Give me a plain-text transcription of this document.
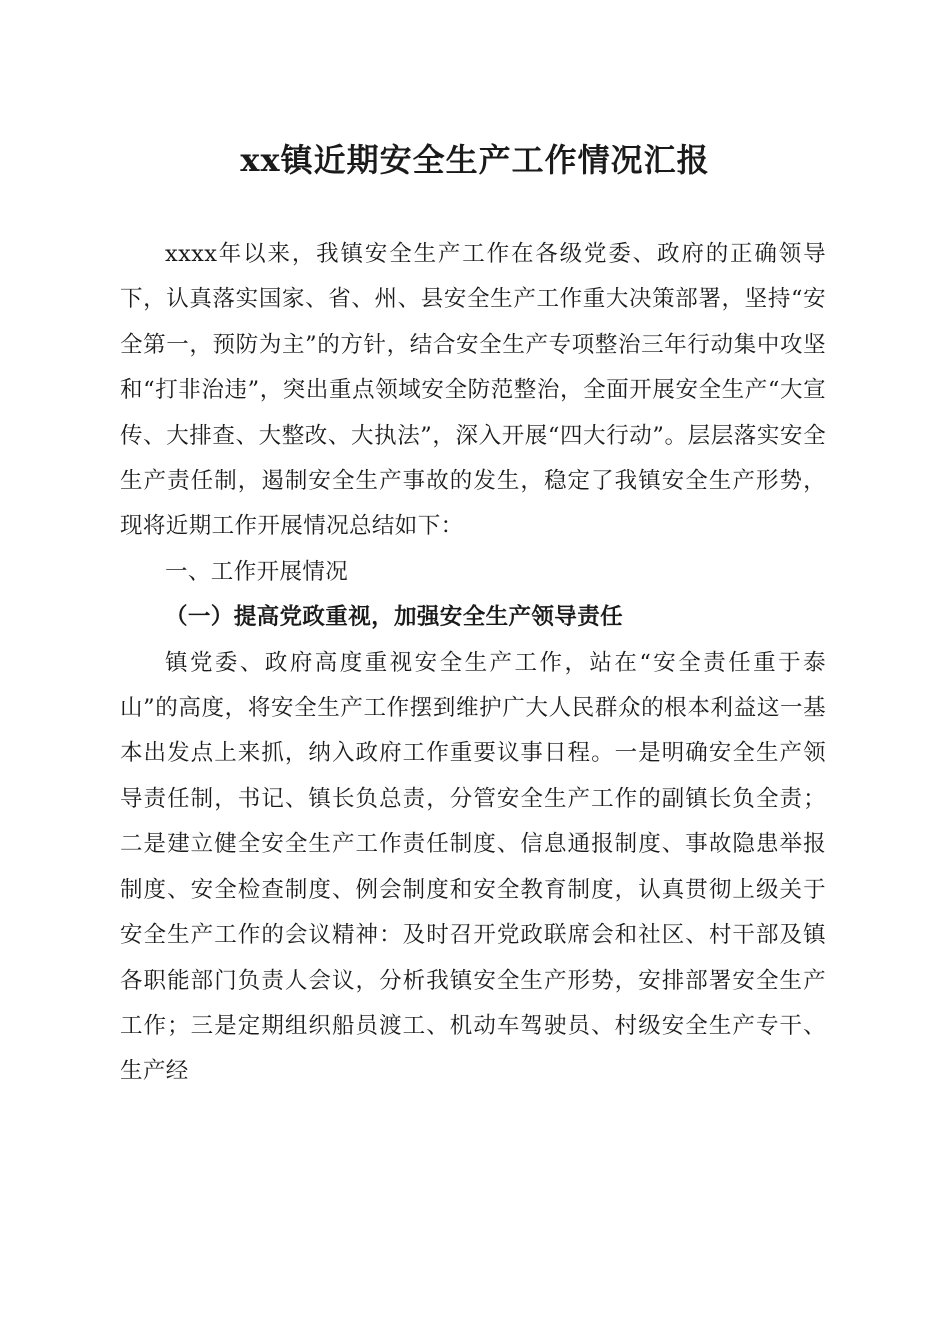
xx镇近期安全生产工作情况汇报

xxxx年以来，我镇安全生产工作在各级党委、政府的正确领导下，认真落实国家、省、州、县安全生产工作重大决策部署，坚持“安全第一，预防为主”的方针，结合安全生产专项整治三年行动集中攻坚和“打非治违”，突出重点领域安全防范整治，全面开展安全生产“大宣传、大排查、大整改、大执法”，深入开展“四大行动”。层层落实安全生产责任制，遏制安全生产事故的发生，稳定了我镇安全生产形势，现将近期工作开展情况总结如下：

一、工作开展情况
（一）提高党政重视，加强安全生产领导责任

镇党委、政府高度重视安全生产工作，站在“安全责任重于泰山”的高度，将安全生产工作摆到维护广大人民群众的根本利益这一基本出发点上来抓，纳入政府工作重要议事日程。一是明确安全生产领导责任制，书记、镇长负总责，分管安全生产工作的副镇长负全责；二是建立健全安全生产工作责任制度、信息通报制度、事故隐患举报制度、安全检查制度、例会制度和安全教育制度，认真贯彻上级关于安全生产工作的会议精神：及时召开党政联席会和社区、村干部及镇各职能部门负责人会议，分析我镇安全生产形势，安排部署安全生产工作；三是定期组织船员渡工、机动车驾驶员、村级安全生产专干、生产经
